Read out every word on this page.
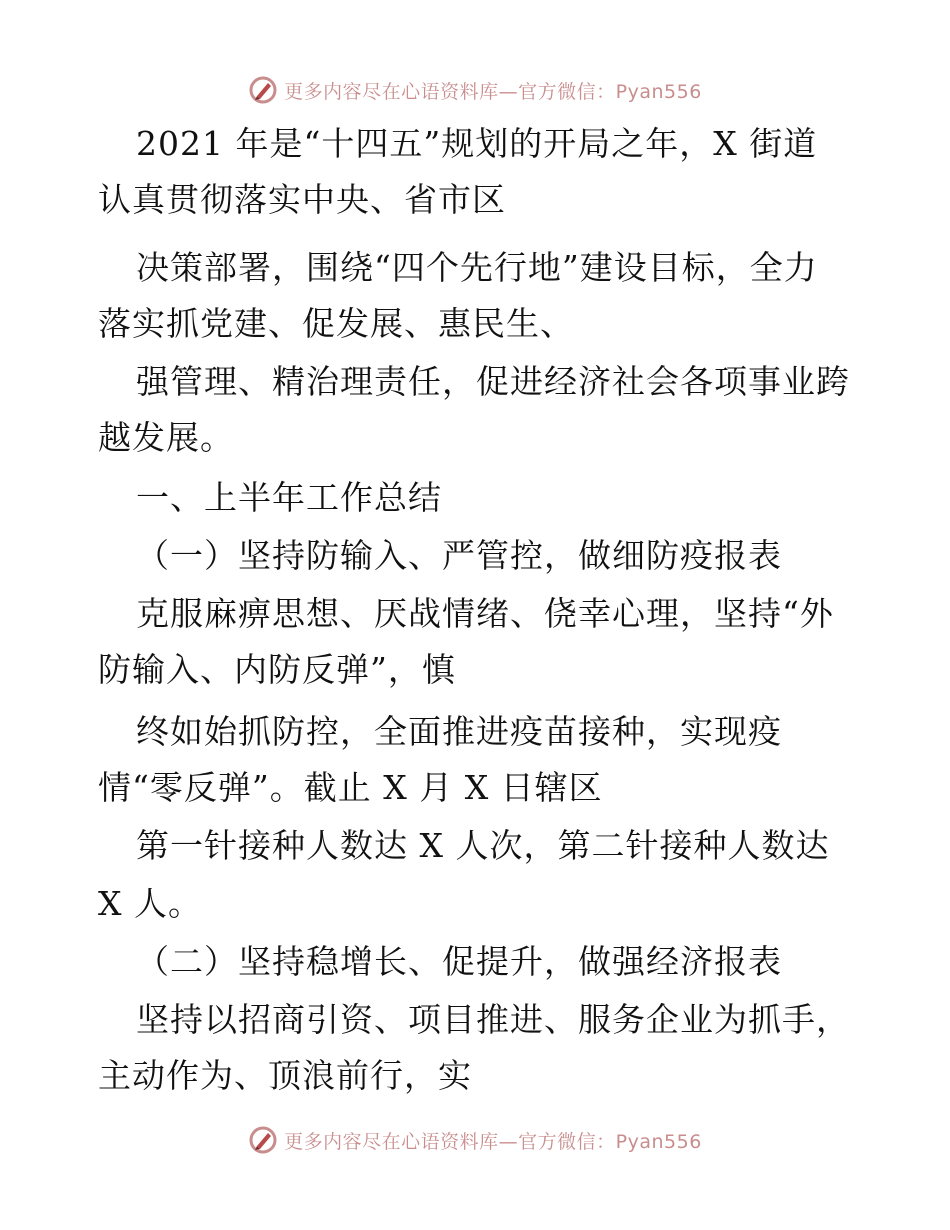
更多内容尽在心语资料库—官方微信：Pyan556
2021 年是“十四五”规划的开局之年，X 街道
认真贯彻落实中央、省市区
决策部署，围绕“四个先行地”建设目标，全力
落实抓党建、促发展、惠民生、
强管理、精治理责任，促进经济社会各项事业跨
越发展。
一、上半年工作总结
（一）坚持防输入、严管控，做细防疫报表
克服麻痹思想、厌战情绪、侥幸心理，坚持“外
防输入、内防反弹”，慎
终如始抓防控，全面推进疫苗接种，实现疫
情“零反弹”。截止 X 月 X 日辖区
第一针接种人数达 X 人次，第二针接种人数达
X 人。
（二）坚持稳增长、促提升，做强经济报表
坚持以招商引资、项目推进、服务企业为抓手，
主动作为、顶浪前行，实
更多内容尽在心语资料库—官方微信：Pyan556
